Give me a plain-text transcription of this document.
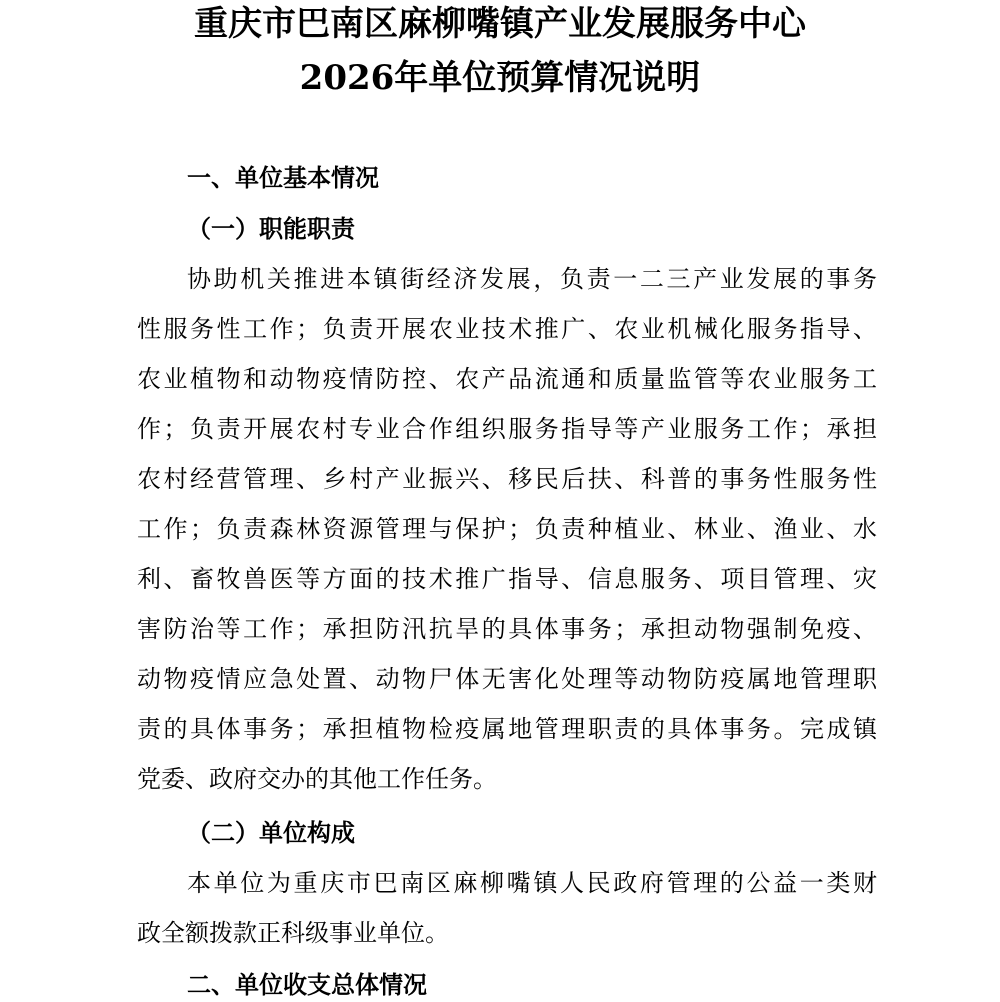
重庆市巴南区麻柳嘴镇产业发展服务中心
2026年单位预算情况说明
一、单位基本情况
（一）职能职责
协助机关推进本镇街经济发展，负责一二三产业发展的事务
性服务性工作；负责开展农业技术推广、农业机械化服务指导、
农业植物和动物疫情防控、农产品流通和质量监管等农业服务工
作；负责开展农村专业合作组织服务指导等产业服务工作；承担
农村经营管理、乡村产业振兴、移民后扶、科普的事务性服务性
工作；负责森林资源管理与保护；负责种植业、林业、渔业、水
利、畜牧兽医等方面的技术推广指导、信息服务、项目管理、灾
害防治等工作；承担防汛抗旱的具体事务；承担动物强制免疫、
动物疫情应急处置、动物尸体无害化处理等动物防疫属地管理职
责的具体事务；承担植物检疫属地管理职责的具体事务。完成镇
党委、政府交办的其他工作任务。
（二）单位构成
本单位为重庆市巴南区麻柳嘴镇人民政府管理的公益一类财
政全额拨款正科级事业单位。
二、单位收支总体情况
